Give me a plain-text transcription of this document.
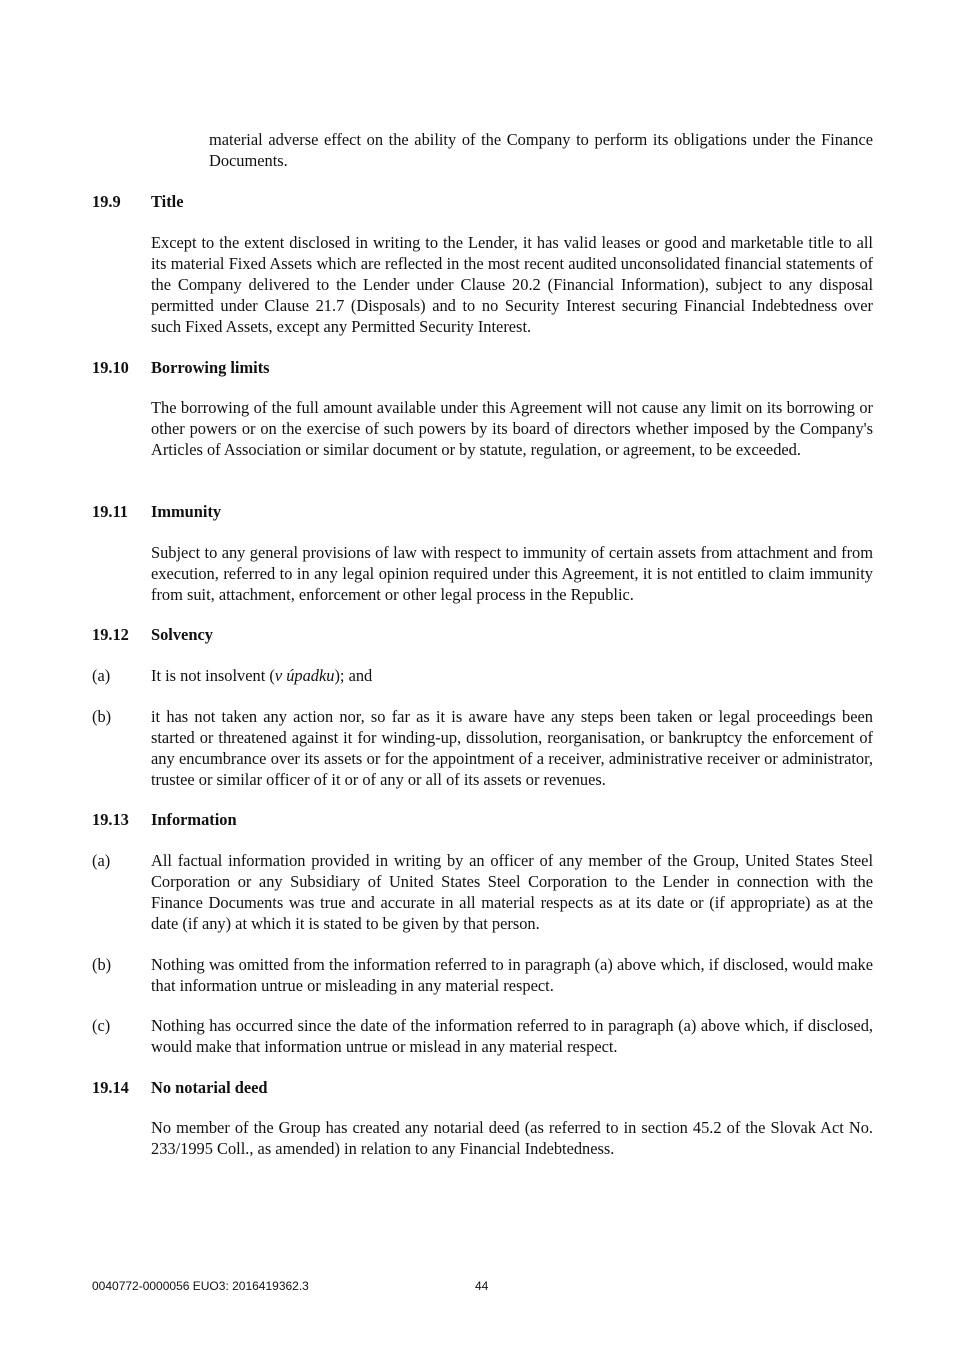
material adverse effect on the ability of the Company to perform its obligations under the Finance Documents.

19.9 Title

Except to the extent disclosed in writing to the Lender, it has valid leases or good and marketable title to all its material Fixed Assets which are reflected in the most recent audited unconsolidated financial statements of the Company delivered to the Lender under Clause 20.2 (Financial Information), subject to any disposal permitted under Clause 21.7 (Disposals) and to no Security Interest securing Financial Indebtedness over such Fixed Assets, except any Permitted Security Interest.

19.10 Borrowing limits

The borrowing of the full amount available under this Agreement will not cause any limit on its borrowing or other powers or on the exercise of such powers by its board of directors whether imposed by the Company's Articles of Association or similar document or by statute, regulation, or agreement, to be exceeded.

19.11 Immunity

Subject to any general provisions of law with respect to immunity of certain assets from attachment and from execution, referred to in any legal opinion required under this Agreement, it is not entitled to claim immunity from suit, attachment, enforcement or other legal process in the Republic.

19.12 Solvency
(a) It is not insolvent (v úpadku); and

(b) it has not taken any action nor, so far as it is aware have any steps been taken or legal proceedings been started or threatened against it for winding-up, dissolution, reorganisation, or bankruptcy the enforcement of any encumbrance over its assets or for the appointment of a receiver, administrative receiver or administrator, trustee or similar officer of it or of any or all of its assets or revenues.

19.13 Information
(a) All factual information provided in writing by an officer of any member of the Group, United States Steel Corporation or any Subsidiary of United States Steel Corporation to the Lender in connection with the Finance Documents was true and accurate in all material respects as at its date or (if appropriate) as at the date (if any) at which it is stated to be given by that person.

(b) Nothing was omitted from the information referred to in paragraph (a) above which, if disclosed, would make that information untrue or misleading in any material respect.

(c) Nothing has occurred since the date of the information referred to in paragraph (a) above which, if disclosed, would make that information untrue or mislead in any material respect.

19.14 No notarial deed

No member of the Group has created any notarial deed (as referred to in section 45.2 of the Slovak Act No. 233/1995 Coll., as amended) in relation to any Financial Indebtedness.

0040772-0000056 EUO3: 2016419362.3	44
